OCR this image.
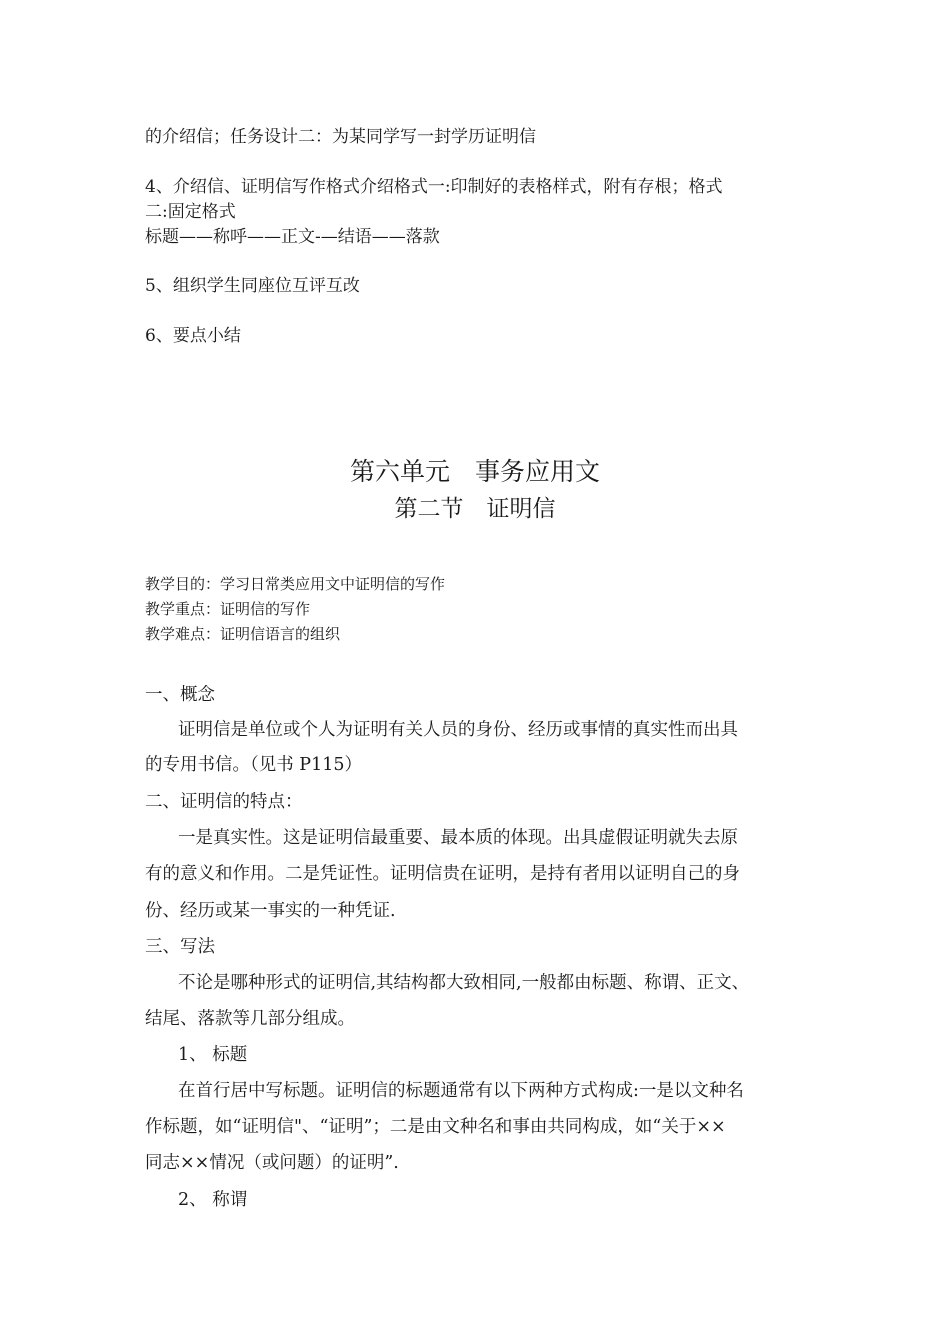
的介绍信；任务设计二：为某同学写一封学历证明信
4、介绍信、证明信写作格式介绍格式一:印制好的表格样式，附有存根；格式
二:固定格式
标题——称呼——正文-—结语——落款
5、组织学生同座位互评互改
6、要点小结
第六单元　事务应用文
第二节　证明信
教学目的：学习日常类应用文中证明信的写作
教学重点：证明信的写作
教学难点：证明信语言的组织
一、概念
证明信是单位或个人为证明有关人员的身份、经历或事情的真实性而出具
的专用书信。（见书 P115）
二、证明信的特点：
一是真实性。这是证明信最重要、最本质的体现。出具虚假证明就失去原
有的意义和作用。二是凭证性。证明信贵在证明，是持有者用以证明自己的身
份、经历或某一事实的一种凭证.
三、写法
不论是哪种形式的证明信,其结构都大致相同,一般都由标题、称谓、正文、
结尾、落款等几部分组成。
1、 标题
在首行居中写标题。证明信的标题通常有以下两种方式构成:一是以文种名
作标题，如“证明信"、“证明”；二是由文种名和事由共同构成，如“关于××
同志××情况（或问题）的证明”.
2、 称谓
